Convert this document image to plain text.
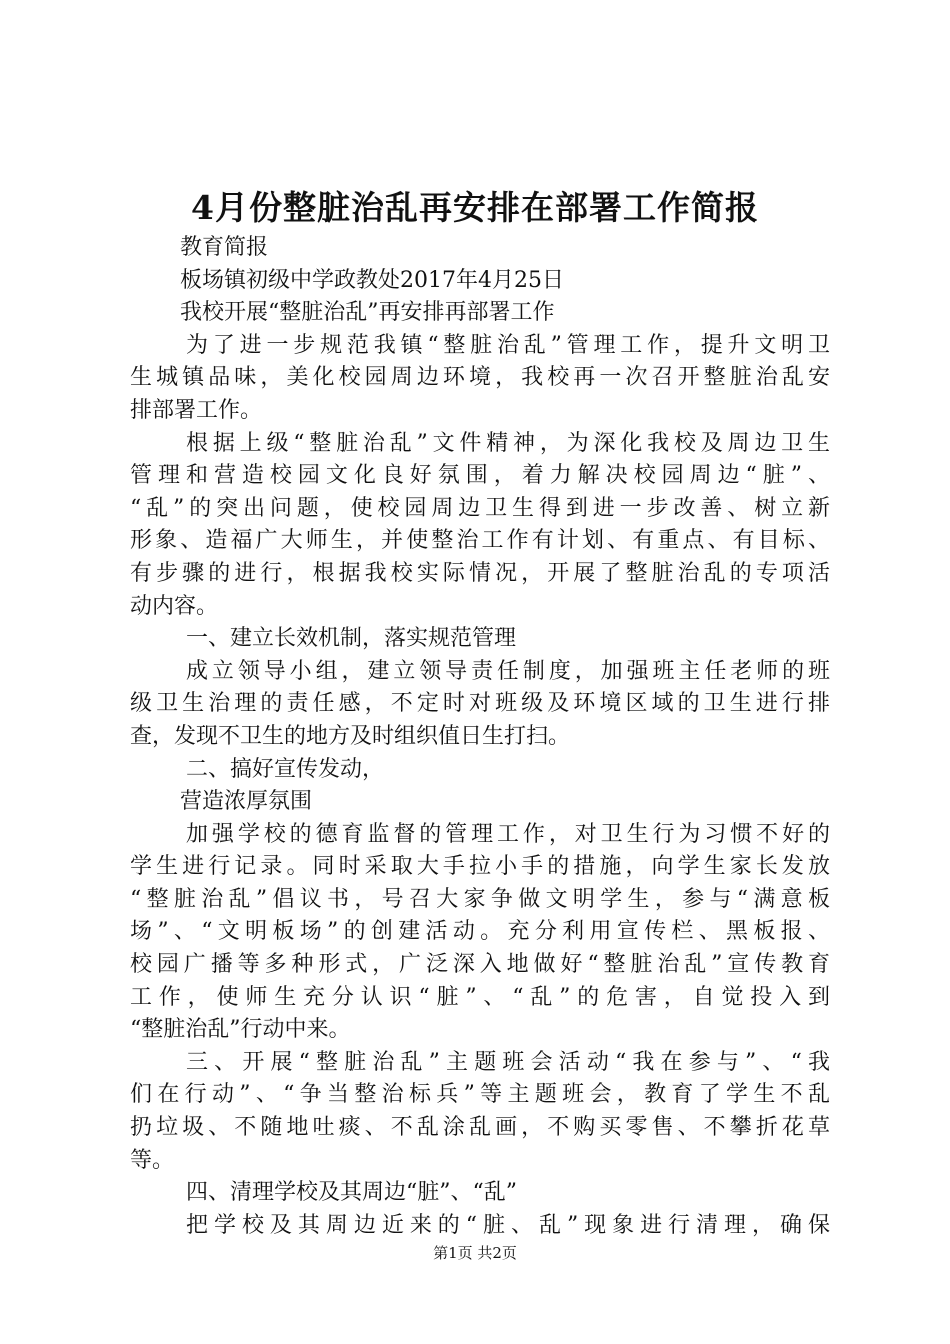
4月份整脏治乱再安排在部署工作简报
教育简报
板场镇初级中学政教处2017年4月25日
我校开展“整脏治乱”再安排再部署工作
为了进一步规范我镇“整脏治乱”管理工作，提升文明卫
生城镇品味，美化校园周边环境，我校再一次召开整脏治乱安
排部署工作。
根据上级“整脏治乱”文件精神，为深化我校及周边卫生
管理和营造校园文化良好氛围，着力解决校园周边“脏”、
“乱”的突出问题，使校园周边卫生得到进一步改善、树立新
形象、造福广大师生，并使整治工作有计划、有重点、有目标、
有步骤的进行，根据我校实际情况，开展了整脏治乱的专项活
动内容。
一、建立长效机制，落实规范管理
成立领导小组，建立领导责任制度，加强班主任老师的班
级卫生治理的责任感，不定时对班级及环境区域的卫生进行排
查，发现不卫生的地方及时组织值日生打扫。
二、搞好宣传发动，
营造浓厚氛围
加强学校的德育监督的管理工作，对卫生行为习惯不好的
学生进行记录。同时采取大手拉小手的措施，向学生家长发放
“整脏治乱”倡议书，号召大家争做文明学生，参与“满意板
场”、“文明板场”的创建活动。充分利用宣传栏、黑板报、
校园广播等多种形式，广泛深入地做好“整脏治乱”宣传教育
工作，使师生充分认识“脏”、“乱”的危害，自觉投入到
“整脏治乱”行动中来。
三、开展“整脏治乱”主题班会活动“我在参与”、“我
们在行动”、“争当整治标兵”等主题班会，教育了学生不乱
扔垃圾、不随地吐痰、不乱涂乱画，不购买零售、不攀折花草
等。
四、清理学校及其周边“脏”、“乱”
把学校及其周边近来的“脏、乱”现象进行清理，确保
第1页 共2页
